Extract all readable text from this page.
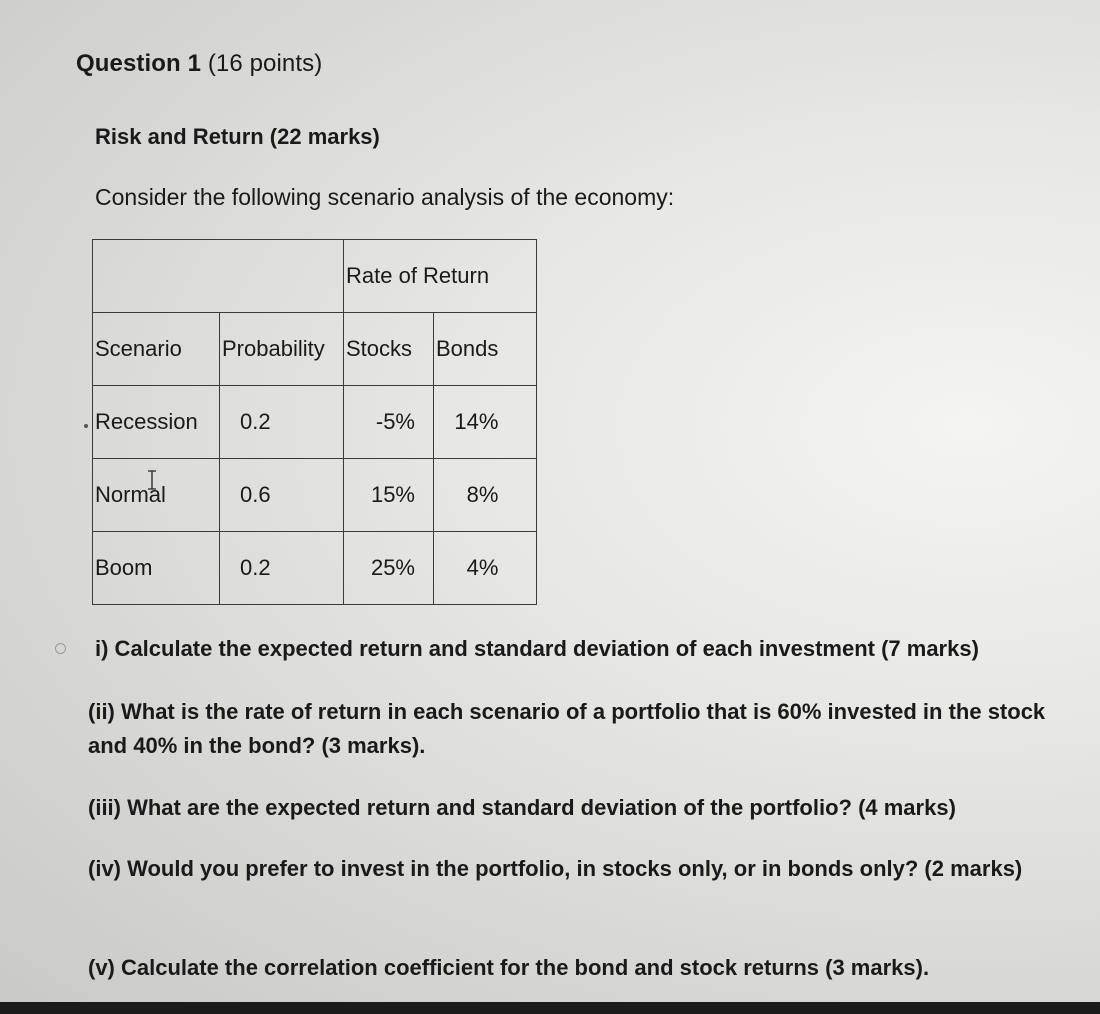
Question 1 (16 points)
Risk and Return (22 marks)
Consider the following scenario analysis of the economy:
		Rate of Return	
Scenario	Probability	Stocks	Bonds
Recession	0.2	-5%	14%
Normal	0.6	15%	8%
Boom	0.2	25%	4%
i) Calculate the expected return and standard deviation of each investment (7 marks)
(ii) What is the rate of return in each scenario of a portfolio that is 60% invested in the stock and 40% in the bond? (3 marks).
(iii) What are the expected return and standard deviation of the portfolio? (4 marks)
(iv) Would you prefer to invest in the portfolio, in stocks only, or in bonds only? (2 marks)
(v) Calculate the correlation coefficient for the bond and stock returns (3 marks).
